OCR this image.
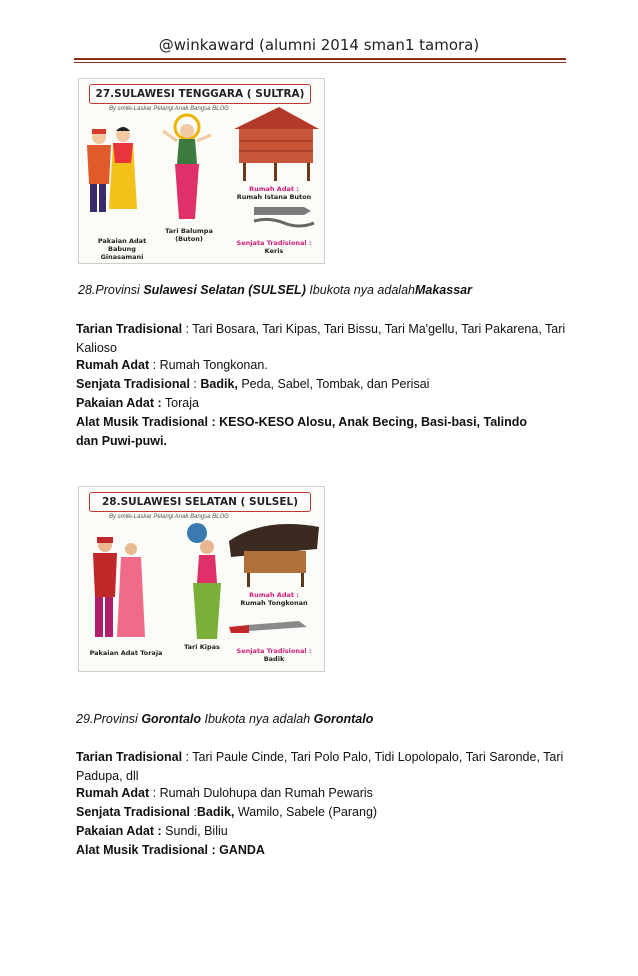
@winkaward (alumni 2014 sman1 tamora)
27.SULAWESI TENGGARA ( SULTRA)
By smile-Laskar Pelangi Anak Bangsa BLOG
Pakaian Adat
Babung Ginasamani
Tari Balumpa
(Buton)
Rumah Adat :
Rumah Istana Buton
Senjata Tradisional :
Keris
28.Provinsi Sulawesi Selatan (SULSEL) Ibukota nya adalahMakassar
Tarian Tradisional : Tari Bosara, Tari Kipas, Tari Bissu, Tari Ma'gellu, Tari Pakarena, Tari Kalioso
Rumah Adat : Rumah Tongkonan.
Senjata Tradisional : Badik, Peda, Sabel, Tombak, dan Perisai
Pakaian Adat : Toraja
Alat Musik Tradisional : KESO-KESO Alosu, Anak Becing, Basi-basi, Talindo dan Puwi-puwi.
28.SULAWESI SELATAN ( SULSEL)
By smile-Laskar Pelangi Anak Bangsa BLOG
Pakaian Adat Toraja
Tari Kipas
Rumah Adat :
Rumah Tongkonan
Senjata Tradisional :
Badik
29.Provinsi Gorontalo Ibukota nya adalah Gorontalo
Tarian Tradisional : Tari Paule Cinde, Tari Polo Palo, Tidi Lopolopalo, Tari Saronde, Tari Padupa, dll
Rumah Adat : Rumah Dulohupa dan Rumah Pewaris
Senjata Tradisional :Badik, Wamilo, Sabele (Parang)
Pakaian Adat : Sundi, Biliu
Alat Musik Tradisional : GANDA
